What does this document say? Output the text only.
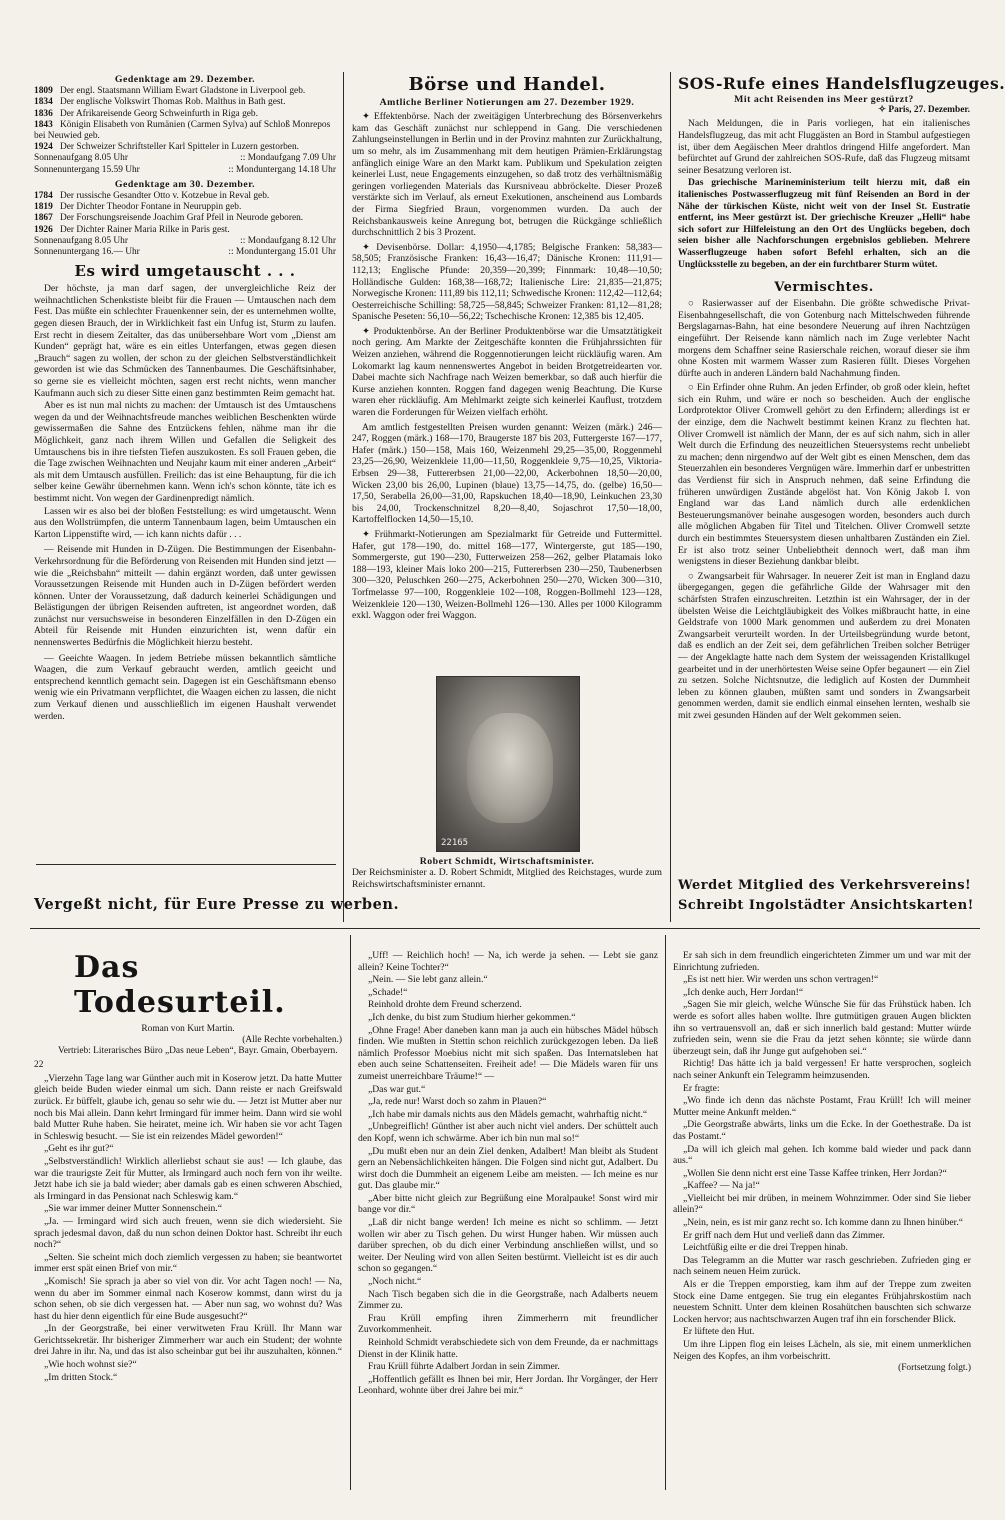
Gedenktage am 29. Dezember.
1809 Der engl. Staatsmann William Ewart Gladstone in Liverpool geb.
1834 Der englische Volkswirt Thomas Rob. Malthus in Bath gest.
1836 Der Afrikareisende Georg Schweinfurth in Riga geb.
1843 Königin Elisabeth von Rumänien (Carmen Sylva) auf Schloß Monrepos bei Neuwied geb.
1924 Der Schweizer Schriftsteller Karl Spitteler in Luzern gestorben.
Sonnenaufgang 8.05 Uhr	:: Mondaufgang 7.09 Uhr
Sonnenuntergang 15.59 Uhr	:: Monduntergang 14.18 Uhr
Gedenktage am 30. Dezember.
1784 Der russische Gesandter Otto v. Kotzebue in Reval geb.
1819 Der Dichter Theodor Fontane in Neuruppin geb.
1867 Der Forschungsreisende Joachim Graf Pfeil in Neurode geboren.
1926 Der Dichter Rainer Maria Rilke in Paris gest.
Sonnenaufgang 8.05 Uhr	:: Mondaufgang 8.12 Uhr
Sonnenuntergang 16.— Uhr	:: Monduntergang 15.01 Uhr
Es wird umgetauscht . . .
Der höchste, ja man darf sagen, der unvergleichliche Reiz der weihnachtlichen Schenkstiste bleibt für die Frauen — Umtauschen nach dem Fest. Das müßte ein schlechter Frauenkenner sein, der es unternehmen wollte, gegen diesen Brauch, der in Wirklichkeit fast ein Unfug ist, Sturm zu laufen. Erst recht in diesem Zeitalter, das das unübersehbare Wort vom „Dienst am Kunden“ geprägt hat, wäre es ein eitles Unterfangen, etwas gegen diesen „Brauch“ sagen zu wollen, der schon zu der gleichen Selbstverständlichkeit geworden ist wie das Schmücken des Tannenbaumes. Die Geschäftsinhaber, so gerne sie es vielleicht möchten, sagen erst recht nichts, wenn mancher Kaufmann auch sich zu dieser Sitte einen ganz bestimmten Reim gemacht hat.
Aber es ist nun mal nichts zu machen: der Umtausch ist des Umtauschens wegen da und der Weihnachtsfreude manches weiblichen Beschenkten würde gewissermaßen die Sahne des Entzückens fehlen, nähme man ihr die Möglichkeit, ganz nach ihrem Willen und Gefallen die Seligkeit des Umtauschens bis in ihre tiefsten Tiefen auszukosten. Es soll Frauen geben, die die Tage zwischen Weihnachten und Neujahr kaum mit einer anderen „Arbeit“ als mit dem Umtausch ausfüllen. Freilich: das ist eine Behauptung, für die ich selber keine Gewähr übernehmen kann. Wenn ich's schon könnte, täte ich es bestimmt nicht. Von wegen der Gardinenpredigt nämlich.
Lassen wir es also bei der bloßen Feststellung: es wird umgetauscht. Wenn aus den Wollstrümpfen, die unterm Tannenbaum lagen, beim Umtauschen ein Karton Lippenstifte wird, — ich kann nichts dafür . . .
— Reisende mit Hunden in D-Zügen. Die Bestimmungen der Eisenbahn-Verkehrsordnung für die Beförderung von Reisenden mit Hunden sind jetzt — wie die „Reichsbahn“ mitteilt — dahin ergänzt worden, daß unter gewissen Voraussetzungen Reisende mit Hunden auch in D-Zügen befördert werden können. Unter der Voraussetzung, daß dadurch keinerlei Schädigungen und Belästigungen der übrigen Reisenden auftreten, ist angeordnet worden, daß zunächst nur versuchsweise in besonderen Einzelfällen in den D-Zügen ein Abteil für Reisende mit Hunden einzurichten ist, wenn dafür ein nennenswertes Bedürfnis die Möglichkeit hierzu besteht.
— Geeichte Waagen. In jedem Betriebe müssen bekanntlich sämtliche Waagen, die zum Verkauf gebraucht werden, amtlich geeicht und entsprechend kenntlich gemacht sein. Dagegen ist ein Geschäftsmann ebenso wenig wie ein Privatmann verpflichtet, die Waagen eichen zu lassen, die nicht zum Verkauf dienen und ausschließlich im eigenen Haushalt verwendet werden.
Vergeßt nicht, für Eure Presse zu werben.
Börse und Handel.
Amtliche Berliner Notierungen am 27. Dezember 1929.
✦ Effektenbörse. Nach der zweitägigen Unterbrechung des Börsenverkehrs kam das Geschäft zunächst nur schleppend in Gang. Die verschiedenen Zahlungseinstellungen in Berlin und in der Provinz mahnten zur Zurückhaltung, um so mehr, als im Zusammenhang mit dem heutigen Prämien-Erklärungstag anfänglich einige Ware an den Markt kam. Publikum und Spekulation zeigten keinerlei Lust, neue Engagements einzugehen, so daß trotz des verhältnismäßig geringen vorliegenden Materials das Kursniveau abbröckelte. Dieser Prozeß verstärkte sich im Verlauf, als erneut Exekutionen, anscheinend aus Lombards der Firma Siegfried Braun, vorgenommen wurden. Da auch der Reichsbankausweis keine Anregung bot, betrugen die Rückgänge schließlich durchschnittlich 2 bis 3 Prozent.
✦ Devisenbörse. Dollar: 4,1950—4,1785; Belgische Franken: 58,383—58,505; Französische Franken: 16,43—16,47; Dänische Kronen: 111,91—112,13; Englische Pfunde: 20,359—20,399; Finnmark: 10,48—10,50; Holländische Gulden: 168,38—168,72; Italienische Lire: 21,835—21,875; Norwegische Kronen: 111,89 bis 112,11; Schwedische Kronen: 112,42—112,64; Oesterreichische Schilling: 58,725—58,845; Schweizer Franken: 81,12—81,28; Spanische Peseten: 56,10—56,22; Tschechische Kronen: 12,385 bis 12,405.
✦ Produktenbörse. An der Berliner Produktenbörse war die Umsatztätigkeit noch gering. Am Markte der Zeitgeschäfte konnten die Frühjahrssichten für Weizen anziehen, während die Roggennotierungen leicht rückläufig waren. Am Lokomarkt lag kaum nennenswertes Angebot in beiden Brotgetreidearten vor. Dabei machte sich Nachfrage nach Weizen bemerkbar, so daß auch hierfür die Kurse anziehen konnten. Roggen fand dagegen wenig Beachtung. Die Kurse waren eher rückläufig. Am Mehlmarkt zeigte sich keinerlei Kauflust, trotzdem waren die Forderungen für Weizen vielfach erhöht.
Am amtlich festgestellten Preisen wurden genannt: Weizen (märk.) 246—247, Roggen (märk.) 168—170, Braugerste 187 bis 203, Futtergerste 167—177, Hafer (märk.) 150—158, Mais 160, Weizenmehl 29,25—35,00, Roggenmehl 23,25—26,90, Weizenkleie 11,00—11,50, Roggenkleie 9,75—10,25, Viktoria-Erbsen 29—38, Futtererbsen 21,00—22,00, Ackerbohnen 18,50—20,00, Wicken 23,00 bis 26,00, Lupinen (blaue) 13,75—14,75, do. (gelbe) 16,50—17,50, Serabella 26,00—31,00, Rapskuchen 18,40—18,90, Leinkuchen 23,30 bis 24,00, Trockenschnitzel 8,20—8,40, Sojaschrot 17,50—18,00, Kartoffelflocken 14,50—15,10.
✦ Frühmarkt-Notierungen am Spezialmarkt für Getreide und Futtermittel. Hafer, gut 178—190, do. mittel 168—177, Wintergerste, gut 185—190, Sommergerste, gut 190—230, Futterweizen 258—262, gelber Platamais loko 188—193, kleiner Mais loko 200—215, Futtererbsen 230—250, Taubenerbsen 300—320, Peluschken 260—275, Ackerbohnen 250—270, Wicken 300—310, Torfmelasse 97—100, Roggenkleie 102—108, Roggen-Bollmehl 123—128, Weizenkleie 120—130, Weizen-Bollmehl 126—130. Alles per 1000 Kilogramm exkl. Waggon oder frei Waggon.
22165
Robert Schmidt, Wirtschaftsminister.
Der Reichsminister a. D. Robert Schmidt, Mitglied des Reichstages, wurde zum Reichswirtschaftsminister ernannt.
SOS-Rufe eines Handelsflugzeuges.
Mit acht Reisenden ins Meer gestürzt?
✧ Paris, 27. Dezember.
Nach Meldungen, die in Paris vorliegen, hat ein italienisches Handelsflugzeug, das mit acht Fluggästen an Bord in Stambul aufgestiegen ist, über dem Aegäischen Meer drahtlos dringend Hilfe angefordert. Man befürchtet auf Grund der zahlreichen SOS-Rufe, daß das Flugzeug mitsamt seiner Besatzung verloren ist.
Das griechische Marineministerium teilt hierzu mit, daß ein italienisches Postwasserflugzeug mit fünf Reisenden an Bord in der Nähe der türkischen Küste, nicht weit von der Insel St. Eustratie entfernt, ins Meer gestürzt ist. Der griechische Kreuzer „Helli“ habe sich sofort zur Hilfeleistung an den Ort des Unglücks begeben, doch seien bisher alle Nachforschungen ergebnislos geblieben. Mehrere Wasserflugzeuge haben sofort Befehl erhalten, sich an die Unglücksstelle zu begeben, an der ein furchtbarer Sturm wütet.
Vermischtes.
○ Rasierwasser auf der Eisenbahn. Die größte schwedische Privat-Eisenbahngesellschaft, die von Gotenburg nach Mittelschweden führende Bergslagarnas-Bahn, hat eine besondere Neuerung auf ihren Nachtzügen eingeführt. Der Reisende kann nämlich nach im Zuge verlebter Nacht morgens dem Schaffner seine Rasierschale reichen, worauf dieser sie ihm ohne Kosten mit warmem Wasser zum Rasieren füllt. Dieses Vorgehen dürfte auch in anderen Ländern bald Nachahmung finden.
○ Ein Erfinder ohne Ruhm. An jeden Erfinder, ob groß oder klein, heftet sich ein Ruhm, und wäre er noch so bescheiden. Auch der englische Lordprotektor Oliver Cromwell gehört zu den Erfindern; allerdings ist er der einzige, dem die Nachwelt bestimmt keinen Kranz zu flechten hat. Oliver Cromwell ist nämlich der Mann, der es auf sich nahm, sich in aller Welt durch die Erfindung des neuzeitlichen Steuersystems recht unbeliebt zu machen; denn nirgendwo auf der Welt gibt es einen Menschen, dem das Steuerzahlen ein besonderes Vergnügen wäre. Immerhin darf er unbestritten das Verdienst für sich in Anspruch nehmen, daß seine Erfindung die früheren unwürdigen Zustände abgelöst hat. Von König Jakob I. von England war das Land nämlich durch alle erdenklichen Besteuerungsmanöver beinahe ausgesogen worden, besonders auch durch alle möglichen Abgaben für Titel und Titelchen. Oliver Cromwell setzte durch ein bestimmtes Steuersystem diesen unhaltbaren Zuständen ein Ziel. Er ist also trotz seiner Unbeliebtheit dennoch wert, daß man ihm wenigstens in dieser Beziehung dankbar bleibt.
○ Zwangsarbeit für Wahrsager. In neuerer Zeit ist man in England dazu übergegangen, gegen die gefährliche Gilde der Wahrsager mit den schärfsten Strafen einzuschreiten. Letzthin ist ein Wahrsager, der in der übelsten Weise die Leichtgläubigkeit des Volkes mißbraucht hatte, in eine Geldstrafe von 1000 Mark genommen und außerdem zu drei Monaten Zwangsarbeit verurteilt worden. In der Urteilsbegründung wurde betont, daß es endlich an der Zeit sei, dem gefährlichen Treiben solcher Betrüger — der Angeklagte hatte nach dem System der weissagenden Kristallkugel gearbeitet und in der unerhörtesten Weise seine Opfer begaunert — ein Ziel zu setzen. Solche Nichtsnutze, die lediglich auf Kosten der Dummheit leben zu können glauben, müßten samt und sonders in Zwangsarbeit genommen werden, damit sie endlich einmal einsehen lernten, weshalb sie mit zwei gesunden Händen auf der Welt gekommen seien.
Werdet Mitglied des Verkehrsvereins!
Schreibt Ingolstädter Ansichtskarten!
Das Todesurteil.
Roman von Kurt Martin.
(Alle Rechte vorbehalten.)
Vertrieb: Literarisches Büro „Das neue Leben“, Bayr. Gmain, Oberbayern.
22
„Vierzehn Tage lang war Günther auch mit in Koserow jetzt. Da hatte Mutter gleich beide Buden wieder einmal um sich. Dann reiste er nach Greifswald zurück. Er büffelt, glaube ich, genau so sehr wie du. — Jetzt ist Mutter aber nur noch bis Mai allein. Dann kehrt Irmingard für immer heim. Dann wird sie wohl bald Mutter Ruhe haben. Sie heiratet, meine ich. Wir haben sie vor acht Tagen in Schleswig besucht. — Sie ist ein reizendes Mädel geworden!“
„Geht es ihr gut?“
„Selbstverständlich! Wirklich allerliebst schaut sie aus! — Ich glaube, das war die traurigste Zeit für Mutter, als Irmingard auch noch fern von ihr weilte. Jetzt habe ich sie ja bald wieder; aber damals gab es einen schweren Abschied, als Irmingard in das Pensionat nach Schleswig kam.“
„Sie war immer deiner Mutter Sonnenschein.“
„Ja. — Irmingard wird sich auch freuen, wenn sie dich wiedersieht. Sie sprach jedesmal davon, daß du nun schon deinen Doktor hast. Schreibt ihr euch noch?“
„Selten. Sie scheint mich doch ziemlich vergessen zu haben; sie beantwortet immer erst spät einen Brief von mir.“
„Komisch! Sie sprach ja aber so viel von dir. Vor acht Tagen noch! — Na, wenn du aber im Sommer einmal nach Koserow kommst, dann wirst du ja schon sehen, ob sie dich vergessen hat. — Aber nun sag, wo wohnst du? Was hast du hier denn eigentlich für eine Bude ausgesucht?“
„In der Georgstraße, bei einer verwitweten Frau Krüll. Ihr Mann war Gerichtssekretär. Ihr bisheriger Zimmerherr war auch ein Student; der wohnte drei Jahre in ihr. Na, und das ist also scheinbar gut bei ihr auszuhalten, können.“
„Wie hoch wohnst sie?“
„Im dritten Stock.“
„Uff! — Reichlich hoch! — Na, ich werde ja sehen. — Lebt sie ganz allein? Keine Tochter?“
„Nein. — Sie lebt ganz allein.“
„Schade!“
Reinhold drohte dem Freund scherzend.
„Ich denke, du bist zum Studium hierher gekommen.“
„Ohne Frage! Aber daneben kann man ja auch ein hübsches Mädel hübsch finden. Wie mußten in Stettin schon reichlich zurückgezogen leben. Da ließ nämlich Professor Moebius nicht mit sich spaßen. Das Internatsleben hat eben auch seine Schattenseiten. Freiheit ade! — Die Mädels waren für uns zumeist unerreichbare Träume!“ —
„Das war gut.“
„Ja, rede nur! Warst doch so zahm in Plauen?“
„Ich habe mir damals nichts aus den Mädels gemacht, wahrhaftig nicht.“
„Unbegreiflich! Günther ist aber auch nicht viel anders. Der schüttelt auch den Kopf, wenn ich schwärme. Aber ich bin nun mal so!“
„Du mußt eben nur an dein Ziel denken, Adalbert! Man bleibt als Student gern an Nebensächlichkeiten hängen. Die Folgen sind nicht gut, Adalbert. Du wirst doch die Dummheit an eigenem Leibe am meisten. — Ich meine es nur gut. Das glaube mir.“
„Aber bitte nicht gleich zur Begrüßung eine Moralpauke! Sonst wird mir bange vor dir.“
„Laß dir nicht bange werden! Ich meine es nicht so schlimm. — Jetzt wollen wir aber zu Tisch gehen. Du wirst Hunger haben. Wir müssen auch darüber sprechen, ob du dich einer Verbindung anschließen willst, und so weiter. Der Neuling wird von allen Seiten bestürmt. Vielleicht ist es dir auch schon so gegangen.“
„Noch nicht.“
Nach Tisch begaben sich die in die Georgstraße, nach Adalberts neuem Zimmer zu.
Frau Krüll empfing ihren Zimmerherrn mit freundlicher Zuvorkommenheit.
Reinhold Schmidt verabschiedete sich von dem Freunde, da er nachmittags Dienst in der Klinik hatte.
Frau Krüll führte Adalbert Jordan in sein Zimmer.
„Hoffentlich gefällt es Ihnen bei mir, Herr Jordan. Ihr Vorgänger, der Herr Leonhard, wohnte über drei Jahre bei mir.“
Er sah sich in dem freundlich eingerichteten Zimmer um und war mit der Einrichtung zufrieden.
„Es ist nett hier. Wir werden uns schon vertragen!“
„Ich denke auch, Herr Jordan!“
„Sagen Sie mir gleich, welche Wünsche Sie für das Frühstück haben. Ich werde es sofort alles haben wollte. Ihre gutmütigen grauen Augen blickten ihn so vertrauensvoll an, daß er sich innerlich bald gestand: Mutter würde zufrieden sein, wenn sie die Frau da jetzt sehen könnte; sie würde dann überzeugt sein, daß ihr Junge gut aufgehoben sei.“
Richtig! Das hätte ich ja bald vergessen! Er hatte versprochen, sogleich nach seiner Ankunft ein Telegramm heimzusenden.
Er fragte:
„Wo finde ich denn das nächste Postamt, Frau Krüll! Ich will meiner Mutter meine Ankunft melden.“
„Die Georgstraße abwärts, links um die Ecke. In der Goethestraße. Da ist das Postamt.“
„Da will ich gleich mal gehen. Ich komme bald wieder und pack dann aus.“
„Wollen Sie denn nicht erst eine Tasse Kaffee trinken, Herr Jordan?“
„Kaffee? — Na ja!“
„Vielleicht bei mir drüben, in meinem Wohnzimmer. Oder sind Sie lieber allein?“
„Nein, nein, es ist mir ganz recht so. Ich komme dann zu Ihnen hinüber.“
Er griff nach dem Hut und verließ dann das Zimmer.
Leichtfüßig eilte er die drei Treppen hinab.
Das Telegramm an die Mutter war rasch geschrieben. Zufrieden ging er nach seinem neuen Heim zurück.
Als er die Treppen emporstieg, kam ihm auf der Treppe zum zweiten Stock eine Dame entgegen. Sie trug ein elegantes Frühjahrskostüm nach neuestem Schnitt. Unter dem kleinen Rosahütchen bauschten sich schwarze Locken hervor; aus nachtschwarzen Augen traf ihn ein forschender Blick.
Er lüftete den Hut.
Um ihre Lippen flog ein leises Lächeln, als sie, mit einem unmerklichen Neigen des Kopfes, an ihm vorbeischritt.
(Fortsetzung folgt.)
